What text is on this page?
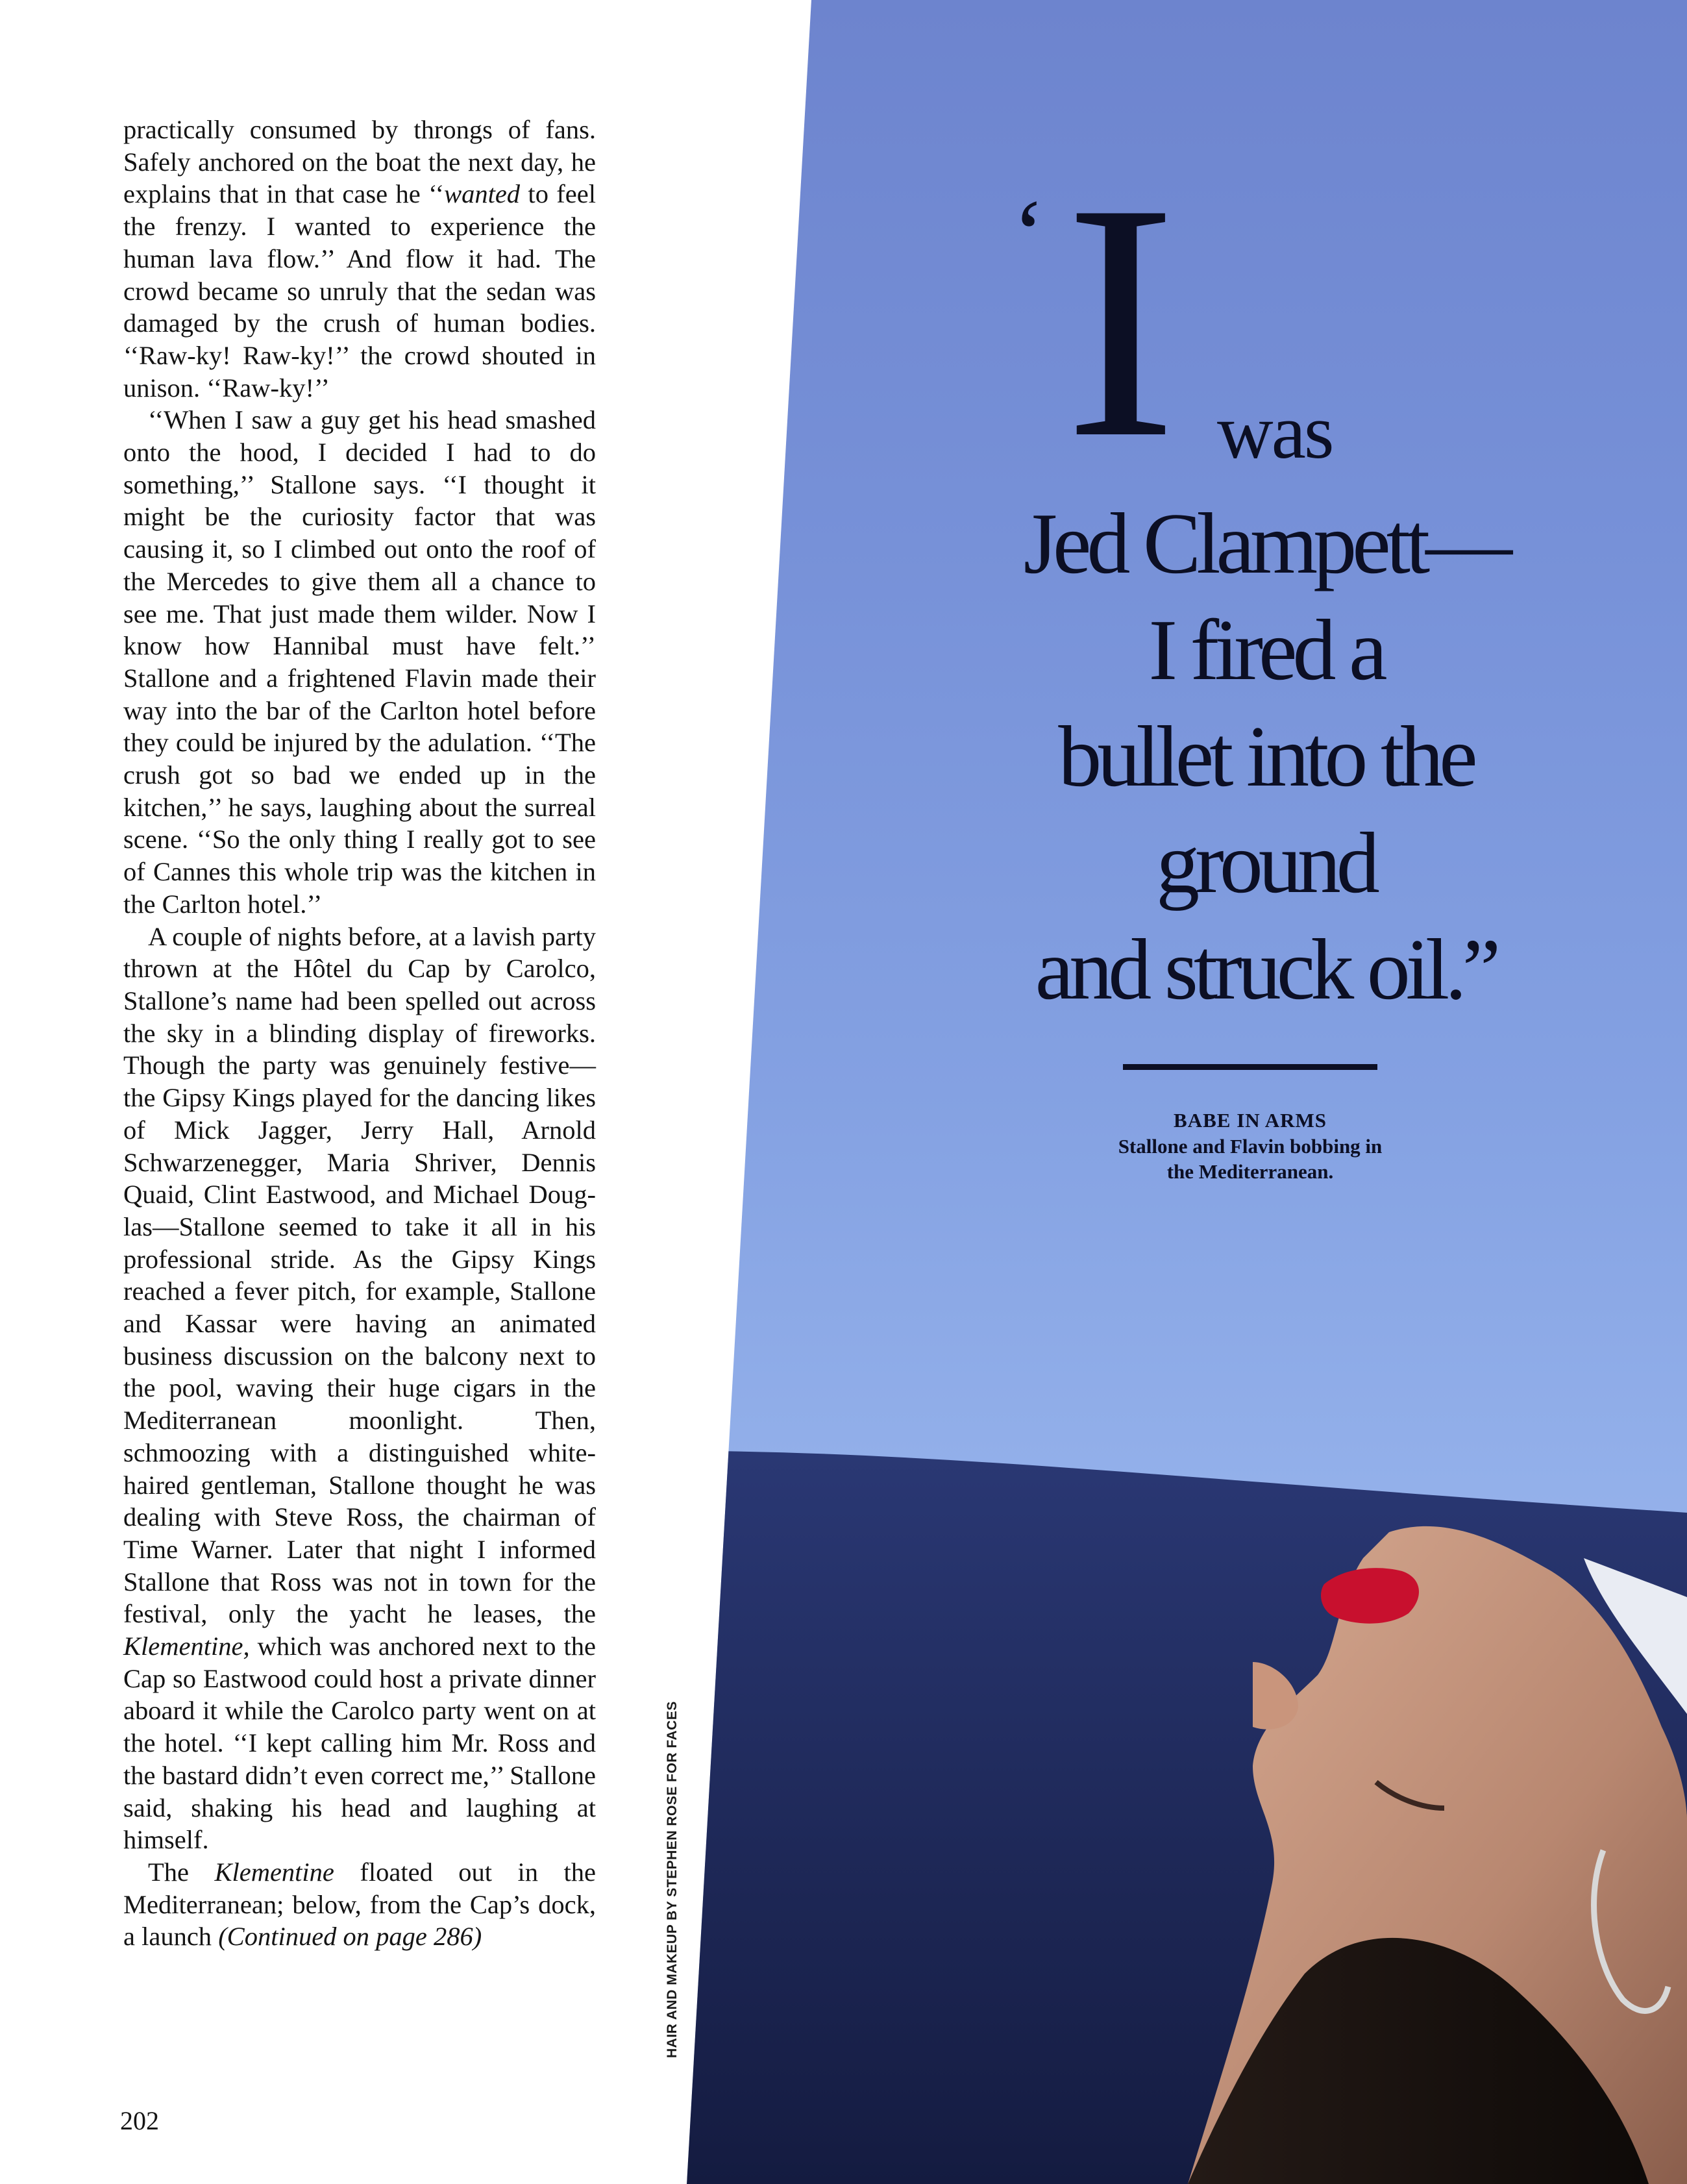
practically consumed by throngs of fans. Safely anchored on the boat the next day, he explains that in that case he ‘‘wanted to feel the frenzy. I wanted to experience the human lava flow.’’ And flow it had. The crowd became so unruly that the sedan was damaged by the crush of human bodies. ‘‘Raw-ky! Raw-ky!’’ the crowd shouted in unison. ‘‘Raw-ky!’’

‘‘When I saw a guy get his head smashed onto the hood, I decided I had to do something,’’ Stallone says. ‘‘I thought it might be the curiosity factor that was causing it, so I climbed out onto the roof of the Mercedes to give them all a chance to see me. That just made them wilder. Now I know how Hannibal must have felt.’’ Stallone and a frightened Flavin made their way into the bar of the Carlton hotel before they could be injured by the adulation. ‘‘The crush got so bad we ended up in the kitchen,’’ he says, laughing about the surreal scene. ‘‘So the only thing I really got to see of Cannes this whole trip was the kitchen in the Carlton hotel.’’

A couple of nights before, at a lavish party thrown at the Hôtel du Cap by Carolco, Stallone’s name had been spelled out across the sky in a blinding display of fireworks. Though the party was genuinely festive—the Gipsy Kings played for the dancing likes of Mick Jagger, Jerry Hall, Arnold Schwarzenegger, Maria Shriver, Dennis Quaid, Clint Eastwood, and Michael Douglas—Stallone seemed to take it all in his professional stride. As the Gipsy Kings reached a fever pitch, for example, Stallone and Kassar were having an animated business discussion on the balcony next to the pool, waving their huge cigars in the Mediterranean moonlight. Then, schmoozing with a distinguished white-haired gentleman, Stallone thought he was dealing with Steve Ross, the chairman of Time Warner. Later that night I informed Stallone that Ross was not in town for the festival, only the yacht he leases, the Klementine, which was anchored next to the Cap so Eastwood could host a private dinner aboard it while the Carolco party went on at the hotel. ‘‘I kept calling him Mr. Ross and the bastard didn’t even correct me,’’ Stallone said, shaking his head and laughing at himself.

The Klementine floated out in the Mediterranean; below, from the Cap’s dock, a launch (Continued on page 286)

202
HAIR AND MAKEUP BY STEPHEN ROSE FOR FACES
‘ I was
Jed Clampett—
I fired a
bullet into the
ground
and struck oil.”
BABE IN ARMS
Stallone and Flavin bobbing in
the Mediterranean.
